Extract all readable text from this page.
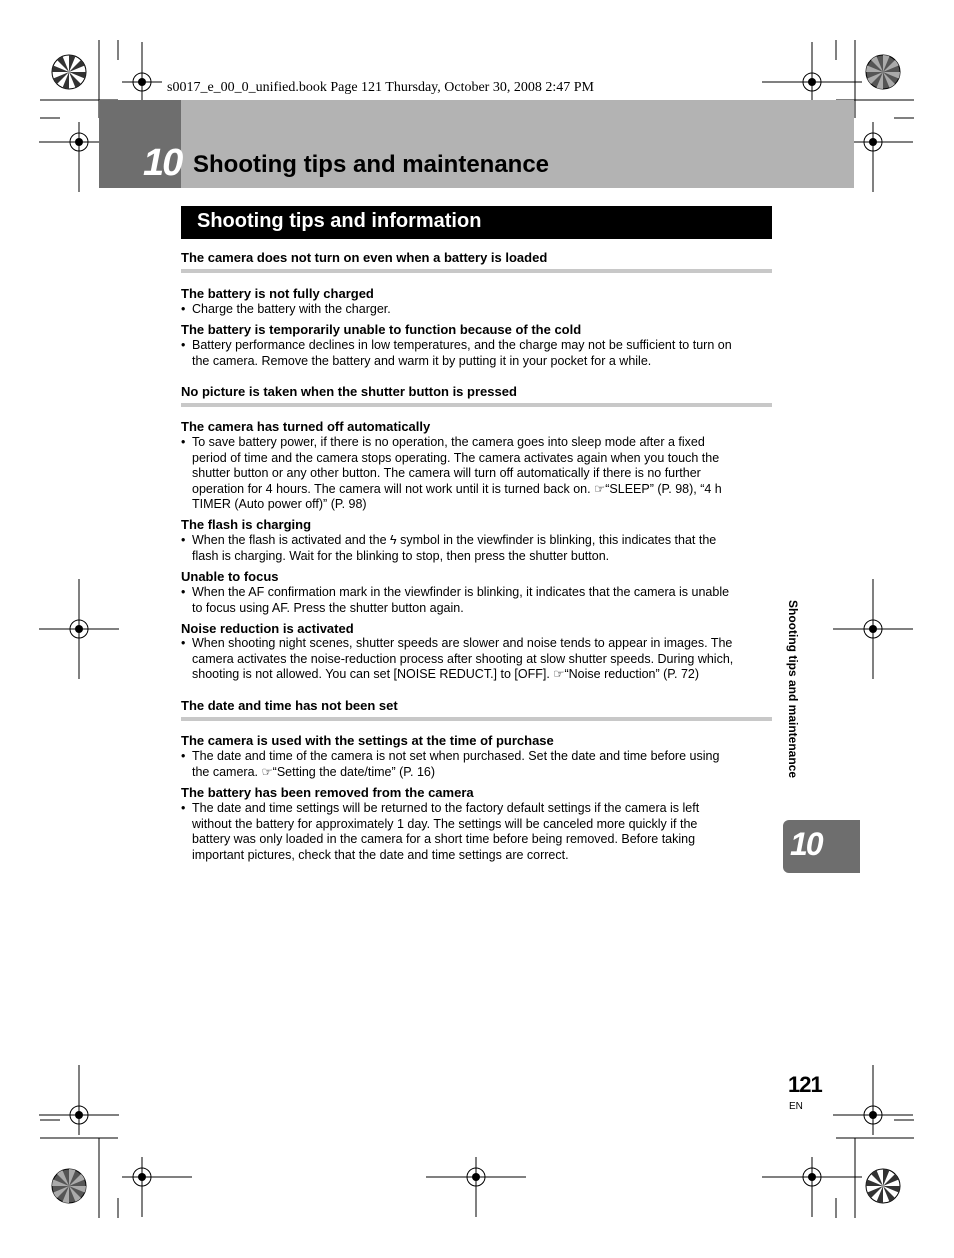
s0017_e_00_0_unified.book Page 121 Thursday, October 30, 2008 2:47 PM
10 Shooting tips and maintenance
Shooting tips and information
The camera does not turn on even when a battery is loaded
The battery is not fully charged
• Charge the battery with the charger.
The battery is temporarily unable to function because of the cold
• Battery performance declines in low temperatures, and the charge may not be sufficient to turn on
the camera. Remove the battery and warm it by putting it in your pocket for a while.
No picture is taken when the shutter button is pressed
The camera has turned off automatically
• To save battery power, if there is no operation, the camera goes into sleep mode after a fixed
period of time and the camera stops operating. The camera activates again when you touch the
shutter button or any other button. The camera will turn off automatically if there is no further
operation for 4 hours. The camera will not work until it is turned back on. ☞“SLEEP” (P. 98), “4 h
TIMER (Auto power off)” (P. 98)
The flash is charging
• When the flash is activated and the ϟ symbol in the viewfinder is blinking, this indicates that the
flash is charging. Wait for the blinking to stop, then press the shutter button.
Unable to focus
• When the AF confirmation mark in the viewfinder is blinking, it indicates that the camera is unable
to focus using AF. Press the shutter button again.
Noise reduction is activated
• When shooting night scenes, shutter speeds are slower and noise tends to appear in images. The
camera activates the noise-reduction process after shooting at slow shutter speeds. During which,
shooting is not allowed. You can set [NOISE REDUCT.] to [OFF]. ☞“Noise reduction” (P. 72)
The date and time has not been set
The camera is used with the settings at the time of purchase
• The date and time of the camera is not set when purchased. Set the date and time before using
the camera. ☞“Setting the date/time” (P. 16)
The battery has been removed from the camera
• The date and time settings will be returned to the factory default settings if the camera is left
without the battery for approximately 1 day. The settings will be canceled more quickly if the
battery was only loaded in the camera for a short time before being removed. Before taking
important pictures, check that the date and time settings are correct.
Shooting tips and maintenance
10
121
EN
